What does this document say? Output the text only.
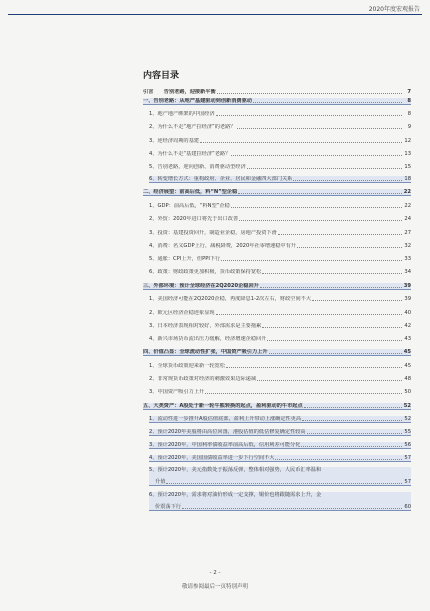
2020年度宏观报告
内容目录
引言　　告别老路，迎接新平衡	7
一、告别老路：从地产基建驱动到创新消费驱动	8
1、地产地产绑架的中国经济	8
2、为什么不走“地产拉经济”的老路？	9
3、逆经济周期的基建	12
4、为什么不走“基建拉经济”老路？	13
5、告别老路，迎向创新、消费驱动型经济	15
6、转变增长方式：重构政府、企业、居民和金融四大部门关系	18
二、经济展望：前高后低，料“N”型企稳	22
1、GDP：前高后低，“料N型”企稳	22
2、外贸：2020年进口将先于出口改善	24
3、投资：基建投资回升，制造业企稳，房地产投资下滑	27
4、消费：名义GDP上行，减税降费，2020年社零增速稳中有升	32
5、通胀：CPI上升，但PPI下行	33
6、政策：财政政策更加积极，货币政策保持宽松	34
三、外部环境：预计全球经济在2Q2020企稳回升	39
1、美国经济可能在2Q2020企稳，再度降息1-2次左右，财政空间不大	39
2、欧元区经济企稳迹象显现	40
3、日本经济表现相对较好，外部需求是主要拖累	42
4、新兴市场货币流出压力缓解，经济增速企稳回升	43
四、价值凸显：全球流动性扩张，中国资产吸引力上升	45
1、全球货币政策迎来新一轮宽松	45
2、非常规货币政策对经济的刺激效果边际递减	48
3、中国资产吸引力上升	50
五、大类资产：A股处于新一轮牛熊转换的起点，盈利驱动的牛市起点	52
1、流动性进一步推升A股估值底部，盈利上升带动上涨确定性更高	52
2、预计2020年美股将由高位回落，港股估值的低估修复确定性较高	55
3、预计2020年，中国利率债收益率前高后低，信用利差可能分化	56
4、预计2020年，美国国债收益率进一步下行空间不大	57
5、预计2020年，美元指数处于振荡反弹，整体相对强势，人民币汇率温和
升值	57
6、预计2020年，需求将对油价形成一定支撑，铜价也将跟随需求上升，金
价震荡下行	60
- 2 -
敬请参阅最后一页特别声明
